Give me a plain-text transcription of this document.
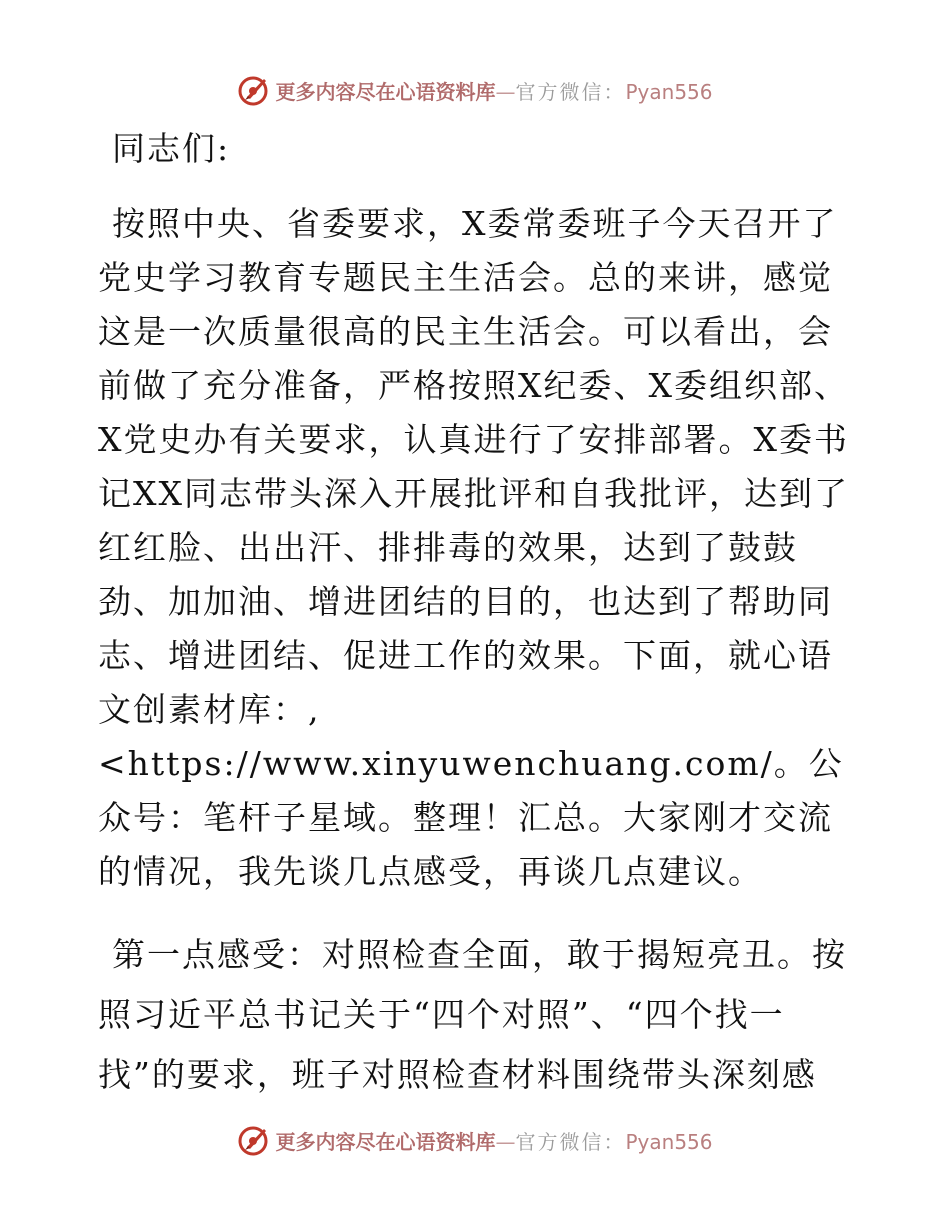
更多内容尽在心语资料库—官方微信：Pyan556

同志们:

按照中央、省委要求，X委常委班子今天召开了党史学习教育专题民主生活会。总的来讲，感觉这是一次质量很高的民主生活会。可以看出，会前做了充分准备，严格按照X纪委、X委组织部、X党史办有关要求，认真进行了安排部署。X委书记XX同志带头深入开展批评和自我批评，达到了红红脸、出出汗、排排毒的效果，达到了鼓鼓劲、加加油、增进团结的目的，也达到了帮助同志、增进团结、促进工作的效果。下面，就心语文创素材库：,<https://www.xinyuwenchuang.com/。公众号：笔杆子星域。整理！汇总。大家刚才交流的情况，我先谈几点感受，再谈几点建议。

第一点感受：对照检查全面，敢于揭短亮丑。按照习近平总书记关于“四个对照”、“四个找一找”的要求，班子对照检查材料围绕带头深刻感

更多内容尽在心语资料库—官方微信：Pyan556
